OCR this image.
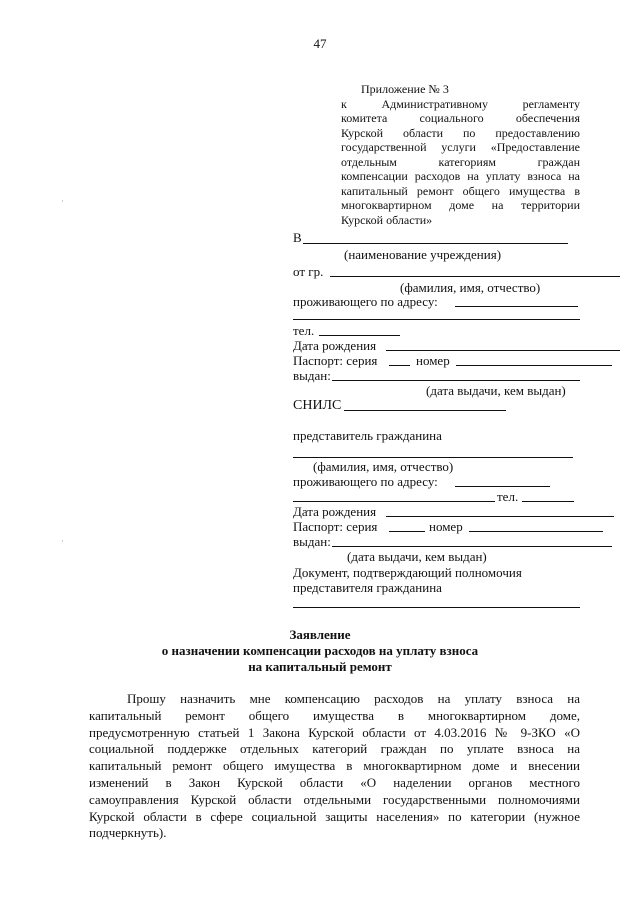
47
Приложение № 3
к Административному регламенту
комитета социального обеспечения
Курской области по предоставлению
государственной услуги «Предоставление
отдельным категориям граждан
компенсации расходов на уплату взноса на
капитальный ремонт общего имущества в
многоквартирном доме на территории
Курской области»
В
(наименование учреждения)
от гр.
(фамилия, имя, отчество)
проживающего по адресу:
тел.
Дата рождения
Паспорт: серия	номер
выдан:
(дата выдачи, кем выдан)
СНИЛС
представитель гражданина
(фамилия, имя, отчество)
проживающего по адресу:
тел.
Дата рождения
Паспорт: серия	номер
выдан:
(дата выдачи, кем выдан)
Документ, подтверждающий полномочия
представителя гражданина
Заявление
о назначении компенсации расходов на уплату взноса
на капитальный ремонт
Прошу назначить мне компенсацию расходов на уплату взноса на
капитальный ремонт общего имущества в многоквартирном доме,
предусмотренную статьей 1 Закона Курской области от 4.03.2016 № 9-ЗКО «О
социальной поддержке отдельных категорий граждан по уплате взноса на
капитальный ремонт общего имущества в многоквартирном доме и внесении
изменений в Закон Курской области «О наделении органов местного
самоуправления Курской области отдельными государственными полномочиями
Курской области в сфере социальной защиты населения» по категории (нужное
подчеркнуть).
·
·
